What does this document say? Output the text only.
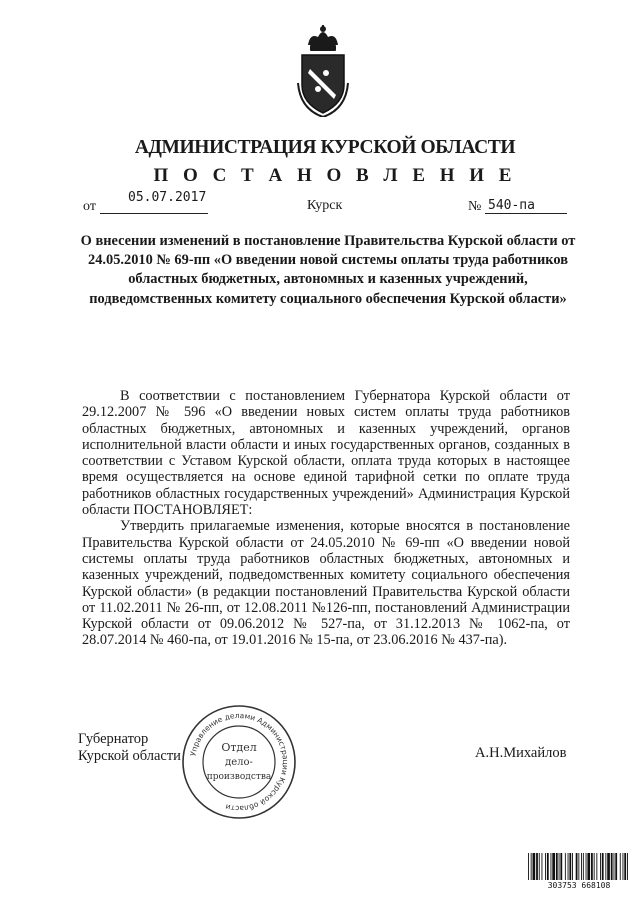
АДМИНИСТРАЦИЯ КУРСКОЙ ОБЛАСТИ
П О С Т А Н О В Л Е Н И Е
от
05.07.2017
Курск	№ 540-па
О внесении изменений в постановление Правительства Курской области от 24.05.2010 № 69-пп «О введении новой системы оплаты труда работников областных бюджетных, автономных и казенных учреждений, подведомственных комитету социального обеспечения Курской области»

В соответствии с постановлением Губернатора Курской области от 29.12.2007 № 596 «О введении новых систем оплаты труда работников областных бюджетных, автономных и казенных учреждений, органов исполнительной власти области и иных государственных органов, созданных в соответствии с Уставом Курской области, оплата труда которых в настоящее время осуществляется на основе единой тарифной сетки по оплате труда работников областных государственных учреждений» Администрация Курской области ПОСТАНОВЛЯЕТ:

Утвердить прилагаемые изменения, которые вносятся в постановление Правительства Курской области от 24.05.2010 № 69-пп «О введении новой системы оплаты труда работников областных бюджетных, автономных и казенных учреждений, подведомственных комитету социального обеспечения Курской области» (в редакции постановлений Правительства Курской области от 11.02.2011 № 26-пп, от 12.08.2011 №126-пп, постановлений Администрации Курской области от 09.06.2012 № 527-па, от 31.12.2013 № 1062-па, от 28.07.2014 № 460-па, от 19.01.2016 № 15-па, от 23.06.2016 № 437-па).

Губернатор
Курской области	А.Н.Михайлов
Управление делами Администрации Курской области
Отдел
дело-
производства
303753 668108
